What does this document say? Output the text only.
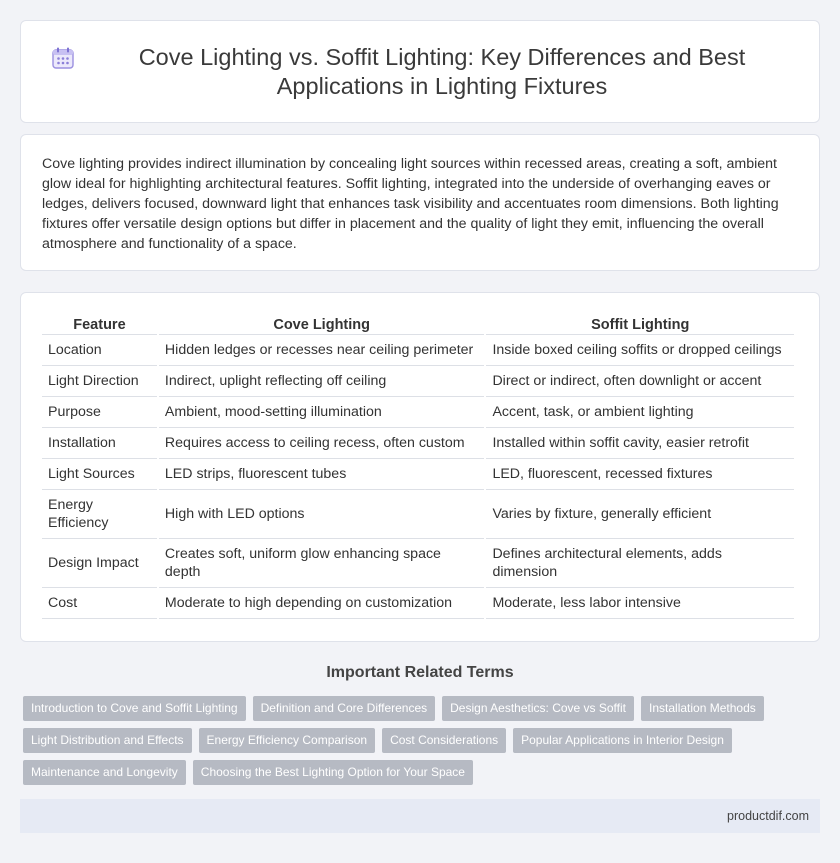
Cove Lighting vs. Soffit Lighting: Key Differences and Best Applications in Lighting Fixtures

Cove lighting provides indirect illumination by concealing light sources within recessed areas, creating a soft, ambient glow ideal for highlighting architectural features. Soffit lighting, integrated into the underside of overhanging eaves or ledges, delivers focused, downward light that enhances task visibility and accentuates room dimensions. Both lighting fixtures offer versatile design options but differ in placement and the quality of light they emit, influencing the overall atmosphere and functionality of a space.

Feature	Cove Lighting	Soffit Lighting
Location	Hidden ledges or recesses near ceiling perimeter	Inside boxed ceiling soffits or dropped ceilings
Light Direction	Indirect, uplight reflecting off ceiling	Direct or indirect, often downlight or accent
Purpose	Ambient, mood-setting illumination	Accent, task, or ambient lighting
Installation	Requires access to ceiling recess, often custom	Installed within soffit cavity, easier retrofit
Light Sources	LED strips, fluorescent tubes	LED, fluorescent, recessed fixtures
Energy Efficiency	High with LED options	Varies by fixture, generally efficient
Design Impact	Creates soft, uniform glow enhancing space depth	Defines architectural elements, adds dimension
Cost	Moderate to high depending on customization	Moderate, less labor intensive
Important Related Terms
Introduction to Cove and Soffit Lighting	Definition and Core Differences	Design Aesthetics: Cove vs Soffit	Installation Methods
Light Distribution and Effects	Energy Efficiency Comparison	Cost Considerations	Popular Applications in Interior Design
Maintenance and Longevity	Choosing the Best Lighting Option for Your Space
productdif.com
